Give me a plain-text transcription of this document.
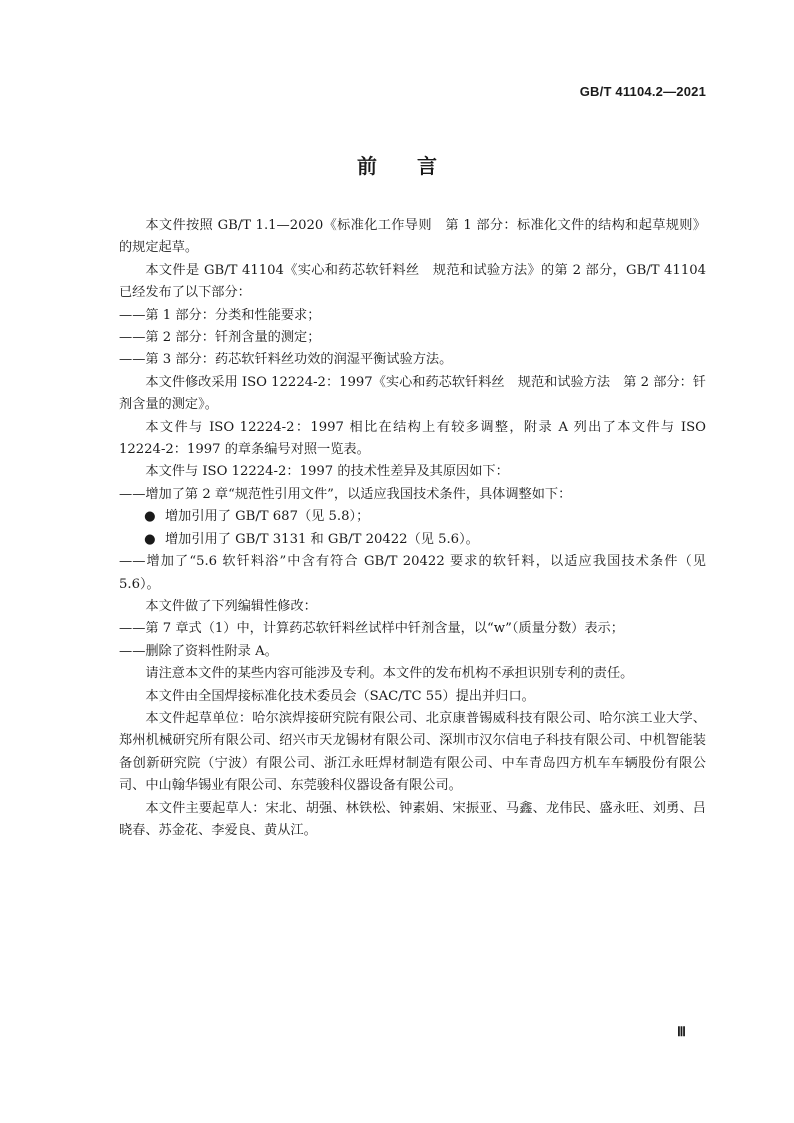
GB/T 41104.2—2021
前 言

本文件按照 GB/T 1.1—2020《标准化工作导则　第 1 部分：标准化文件的结构和起草规则》的规定起草。

本文件是 GB/T 41104《实心和药芯软钎料丝　规范和试验方法》的第 2 部分，GB/T 41104 已经发布了以下部分：

——第 1 部分：分类和性能要求；

——第 2 部分：钎剂含量的测定；

——第 3 部分：药芯软钎料丝功效的润湿平衡试验方法。

本文件修改采用 ISO 12224-2：1997《实心和药芯软钎料丝　规范和试验方法　第 2 部分：钎剂含量的测定》。

本文件与 ISO 12224-2：1997 相比在结构上有较多调整，附录 A 列出了本文件与 ISO 12224-2：1997 的章条编号对照一览表。

本文件与 ISO 12224-2：1997 的技术性差异及其原因如下：

——增加了第 2 章“规范性引用文件”，以适应我国技术条件，具体调整如下：

● 增加引用了 GB/T 687（见 5.8）；

● 增加引用了 GB/T 3131 和 GB/T 20422（见 5.6）。

——增加了“5.6 软钎料浴”中含有符合 GB/T 20422 要求的软钎料，以适应我国技术条件（见 5.6）。

本文件做了下列编辑性修改：

——第 7 章式（1）中，计算药芯软钎料丝试样中钎剂含量，以“w”（质量分数）表示；

——删除了资料性附录 A。

请注意本文件的某些内容可能涉及专利。本文件的发布机构不承担识别专利的责任。

本文件由全国焊接标准化技术委员会（SAC/TC 55）提出并归口。

本文件起草单位：哈尔滨焊接研究院有限公司、北京康普锡威科技有限公司、哈尔滨工业大学、郑州机械研究所有限公司、绍兴市天龙锡材有限公司、深圳市汉尔信电子科技有限公司、中机智能装备创新研究院（宁波）有限公司、浙江永旺焊材制造有限公司、中车青岛四方机车车辆股份有限公司、中山翰华锡业有限公司、东莞骏科仪器设备有限公司。

本文件主要起草人：宋北、胡强、林铁松、钟素娟、宋振亚、马鑫、龙伟民、盛永旺、刘勇、吕晓春、苏金花、李爱良、黄从江。

Ⅲ
